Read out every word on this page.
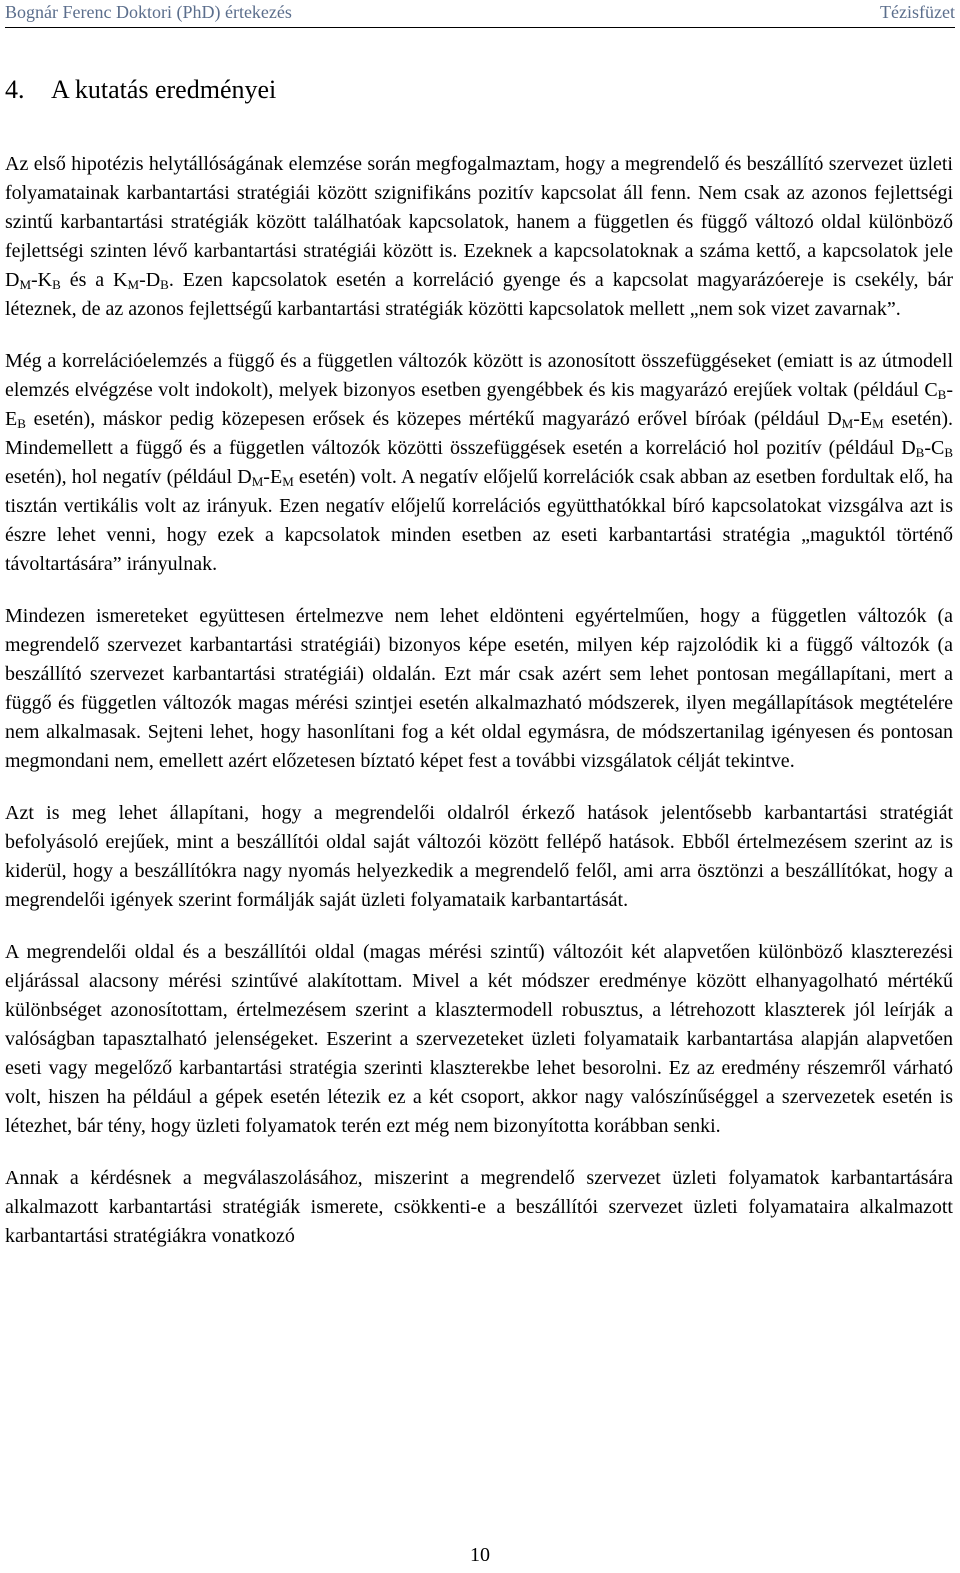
Bognár Ferenc Doktori (PhD) értekezés	Tézisfüzet
4. A kutatás eredményei

Az első hipotézis helytállóságának elemzése során megfogalmaztam, hogy a megrendelő és beszállító szervezet üzleti folyamatainak karbantartási stratégiái között szignifikáns pozitív kapcsolat áll fenn. Nem csak az azonos fejlettségi szintű karbantartási stratégiák között találhatóak kapcsolatok, hanem a független és függő változó oldal különböző fejlettségi szinten lévő karbantartási stratégiái között is. Ezeknek a kapcsolatoknak a száma kettő, a kapcsolatok jele $D_M-K_B$ és a $K_M-D_B$. Ezen kapcsolatok esetén a korreláció gyenge és a kapcsolat magyarázóereje is csekély, bár léteznek, de az azonos fejlettségű karbantartási stratégiák közötti kapcsolatok mellett „nem sok vizet zavarnak”.

Még a korrelációelemzés a függő és a független változók között is azonosított összefüggéseket (emiatt is az útmodell elemzés elvégzése volt indokolt), melyek bizonyos esetben gyengébbek és kis magyarázó erejűek voltak (például $C_B-E_B$ esetén), máskor pedig közepesen erősek és közepes mértékű magyarázó erővel bíróak (például $D_M-E_M$ esetén). Mindemellett a függő és a független változók közötti összefüggések esetén a korreláció hol pozitív (például $D_B-C_B$ esetén), hol negatív (például $D_M-E_M$ esetén) volt. A negatív előjelű korrelációk csak abban az esetben fordultak elő, ha tisztán vertikális volt az irányuk. Ezen negatív előjelű korrelációs együtthatókkal bíró kapcsolatokat vizsgálva azt is észre lehet venni, hogy ezek a kapcsolatok minden esetben az eseti karbantartási stratégia „maguktól történő távoltartására” irányulnak.

Mindezen ismereteket együttesen értelmezve nem lehet eldönteni egyértelműen, hogy a független változók (a megrendelő szervezet karbantartási stratégiái) bizonyos képe esetén, milyen kép rajzolódik ki a függő változók (a beszállító szervezet karbantartási stratégiái) oldalán. Ezt már csak azért sem lehet pontosan megállapítani, mert a függő és független változók magas mérési szintjei esetén alkalmazható módszerek, ilyen megállapítások megtételére nem alkalmasak. Sejteni lehet, hogy hasonlítani fog a két oldal egymásra, de módszertanilag igényesen és pontosan megmondani nem, emellett azért előzetesen bíztató képet fest a további vizsgálatok célját tekintve.

Azt is meg lehet állapítani, hogy a megrendelői oldalról érkező hatások jelentősebb karbantartási stratégiát befolyásoló erejűek, mint a beszállítói oldal saját változói között fellépő hatások. Ebből értelmezésem szerint az is kiderül, hogy a beszállítókra nagy nyomás helyezkedik a megrendelő felől, ami arra ösztönzi a beszállítókat, hogy a megrendelői igények szerint formálják saját üzleti folyamataik karbantartását.

A megrendelői oldal és a beszállítói oldal (magas mérési szintű) változóit két alapvetően különböző klaszterezési eljárással alacsony mérési szintűvé alakítottam. Mivel a két módszer eredménye között elhanyagolható mértékű különbséget azonosítottam, értelmezésem szerint a klasztermodell robusztus, a létrehozott klaszterek jól leírják a valóságban tapasztalható jelenségeket. Eszerint a szervezeteket üzleti folyamataik karbantartása alapján alapvetően eseti vagy megelőző karbantartási stratégia szerinti klaszterekbe lehet besorolni. Ez az eredmény részemről várható volt, hiszen ha például a gépek esetén létezik ez a két csoport, akkor nagy valószínűséggel a szervezetek esetén is létezhet, bár tény, hogy üzleti folyamatok terén ezt még nem bizonyította korábban senki.

Annak a kérdésnek a megválaszolásához, miszerint a megrendelő szervezet üzleti folyamatok karbantartására alkalmazott karbantartási stratégiák ismerete, csökkenti-e a beszállítói szervezet üzleti folyamataira alkalmazott karbantartási stratégiákra vonatkozó

10
